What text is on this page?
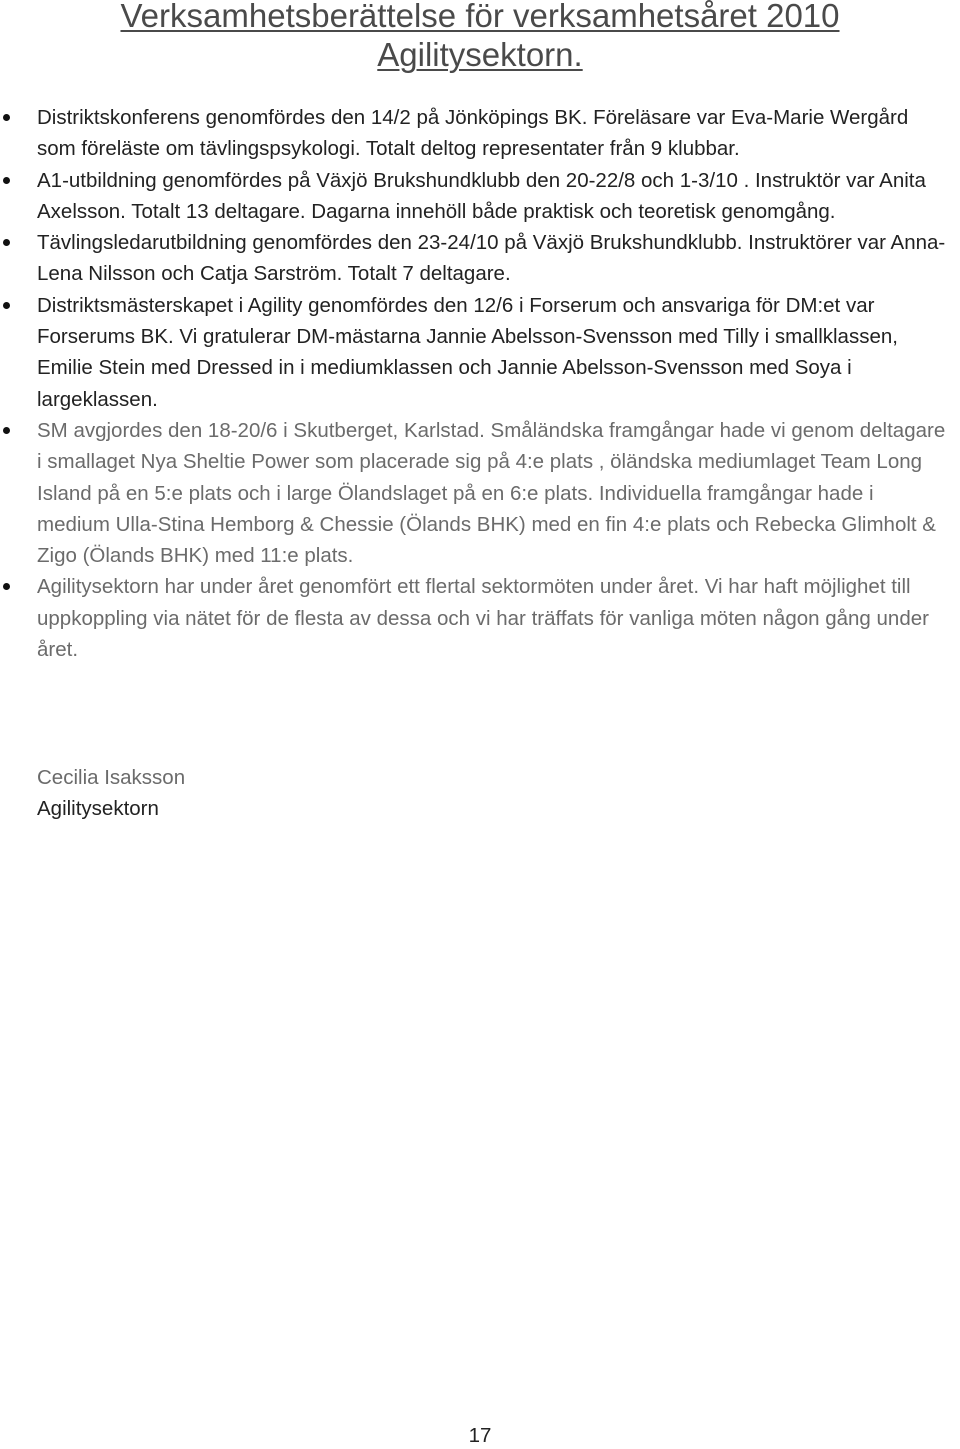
Verksamhetsberättelse för verksamhetsåret 2010
Agilitysektorn.
Distriktskonferens genomfördes den 14/2 på Jönköpings BK. Föreläsare var Eva-Marie Wergård som föreläste om tävlingspsykologi. Totalt deltog representater från 9 klubbar.
A1-utbildning genomfördes på Växjö Brukshundklubb den 20-22/8 och 1-3/10 . Instruktör var Anita Axelsson. Totalt 13 deltagare. Dagarna innehöll både praktisk och teoretisk genomgång.
Tävlingsledarutbildning genomfördes den 23-24/10 på Växjö Brukshundklubb. Instruktörer var Anna-Lena Nilsson och Catja Sarström. Totalt 7 deltagare.
Distriktsmästerskapet i Agility genomfördes den 12/6 i Forserum och ansvariga för DM:et var Forserums BK. Vi gratulerar DM-mästarna Jannie Abelsson-Svensson med Tilly i smallklassen, Emilie Stein med Dressed in i mediumklassen och Jannie Abelsson-Svensson med Soya i largeklassen.
SM avgjordes den 18-20/6 i Skutberget, Karlstad. Småländska framgångar hade vi genom deltagare i smallaget Nya Sheltie Power som placerade sig på 4:e plats , öländska mediumlaget Team Long Island på en 5:e plats och i large Ölandslaget på en 6:e plats. Individuella framgångar hade i medium Ulla-Stina Hemborg & Chessie (Ölands BHK) med en fin 4:e plats och Rebecka Glimholt & Zigo (Ölands BHK) med 11:e plats.
Agilitysektorn har under året genomfört ett flertal sektormöten under året. Vi har haft möjlighet till uppkoppling via nätet för de flesta av dessa och vi har träffats för vanliga möten någon gång under året.
Cecilia Isaksson
Agilitysektorn
17
